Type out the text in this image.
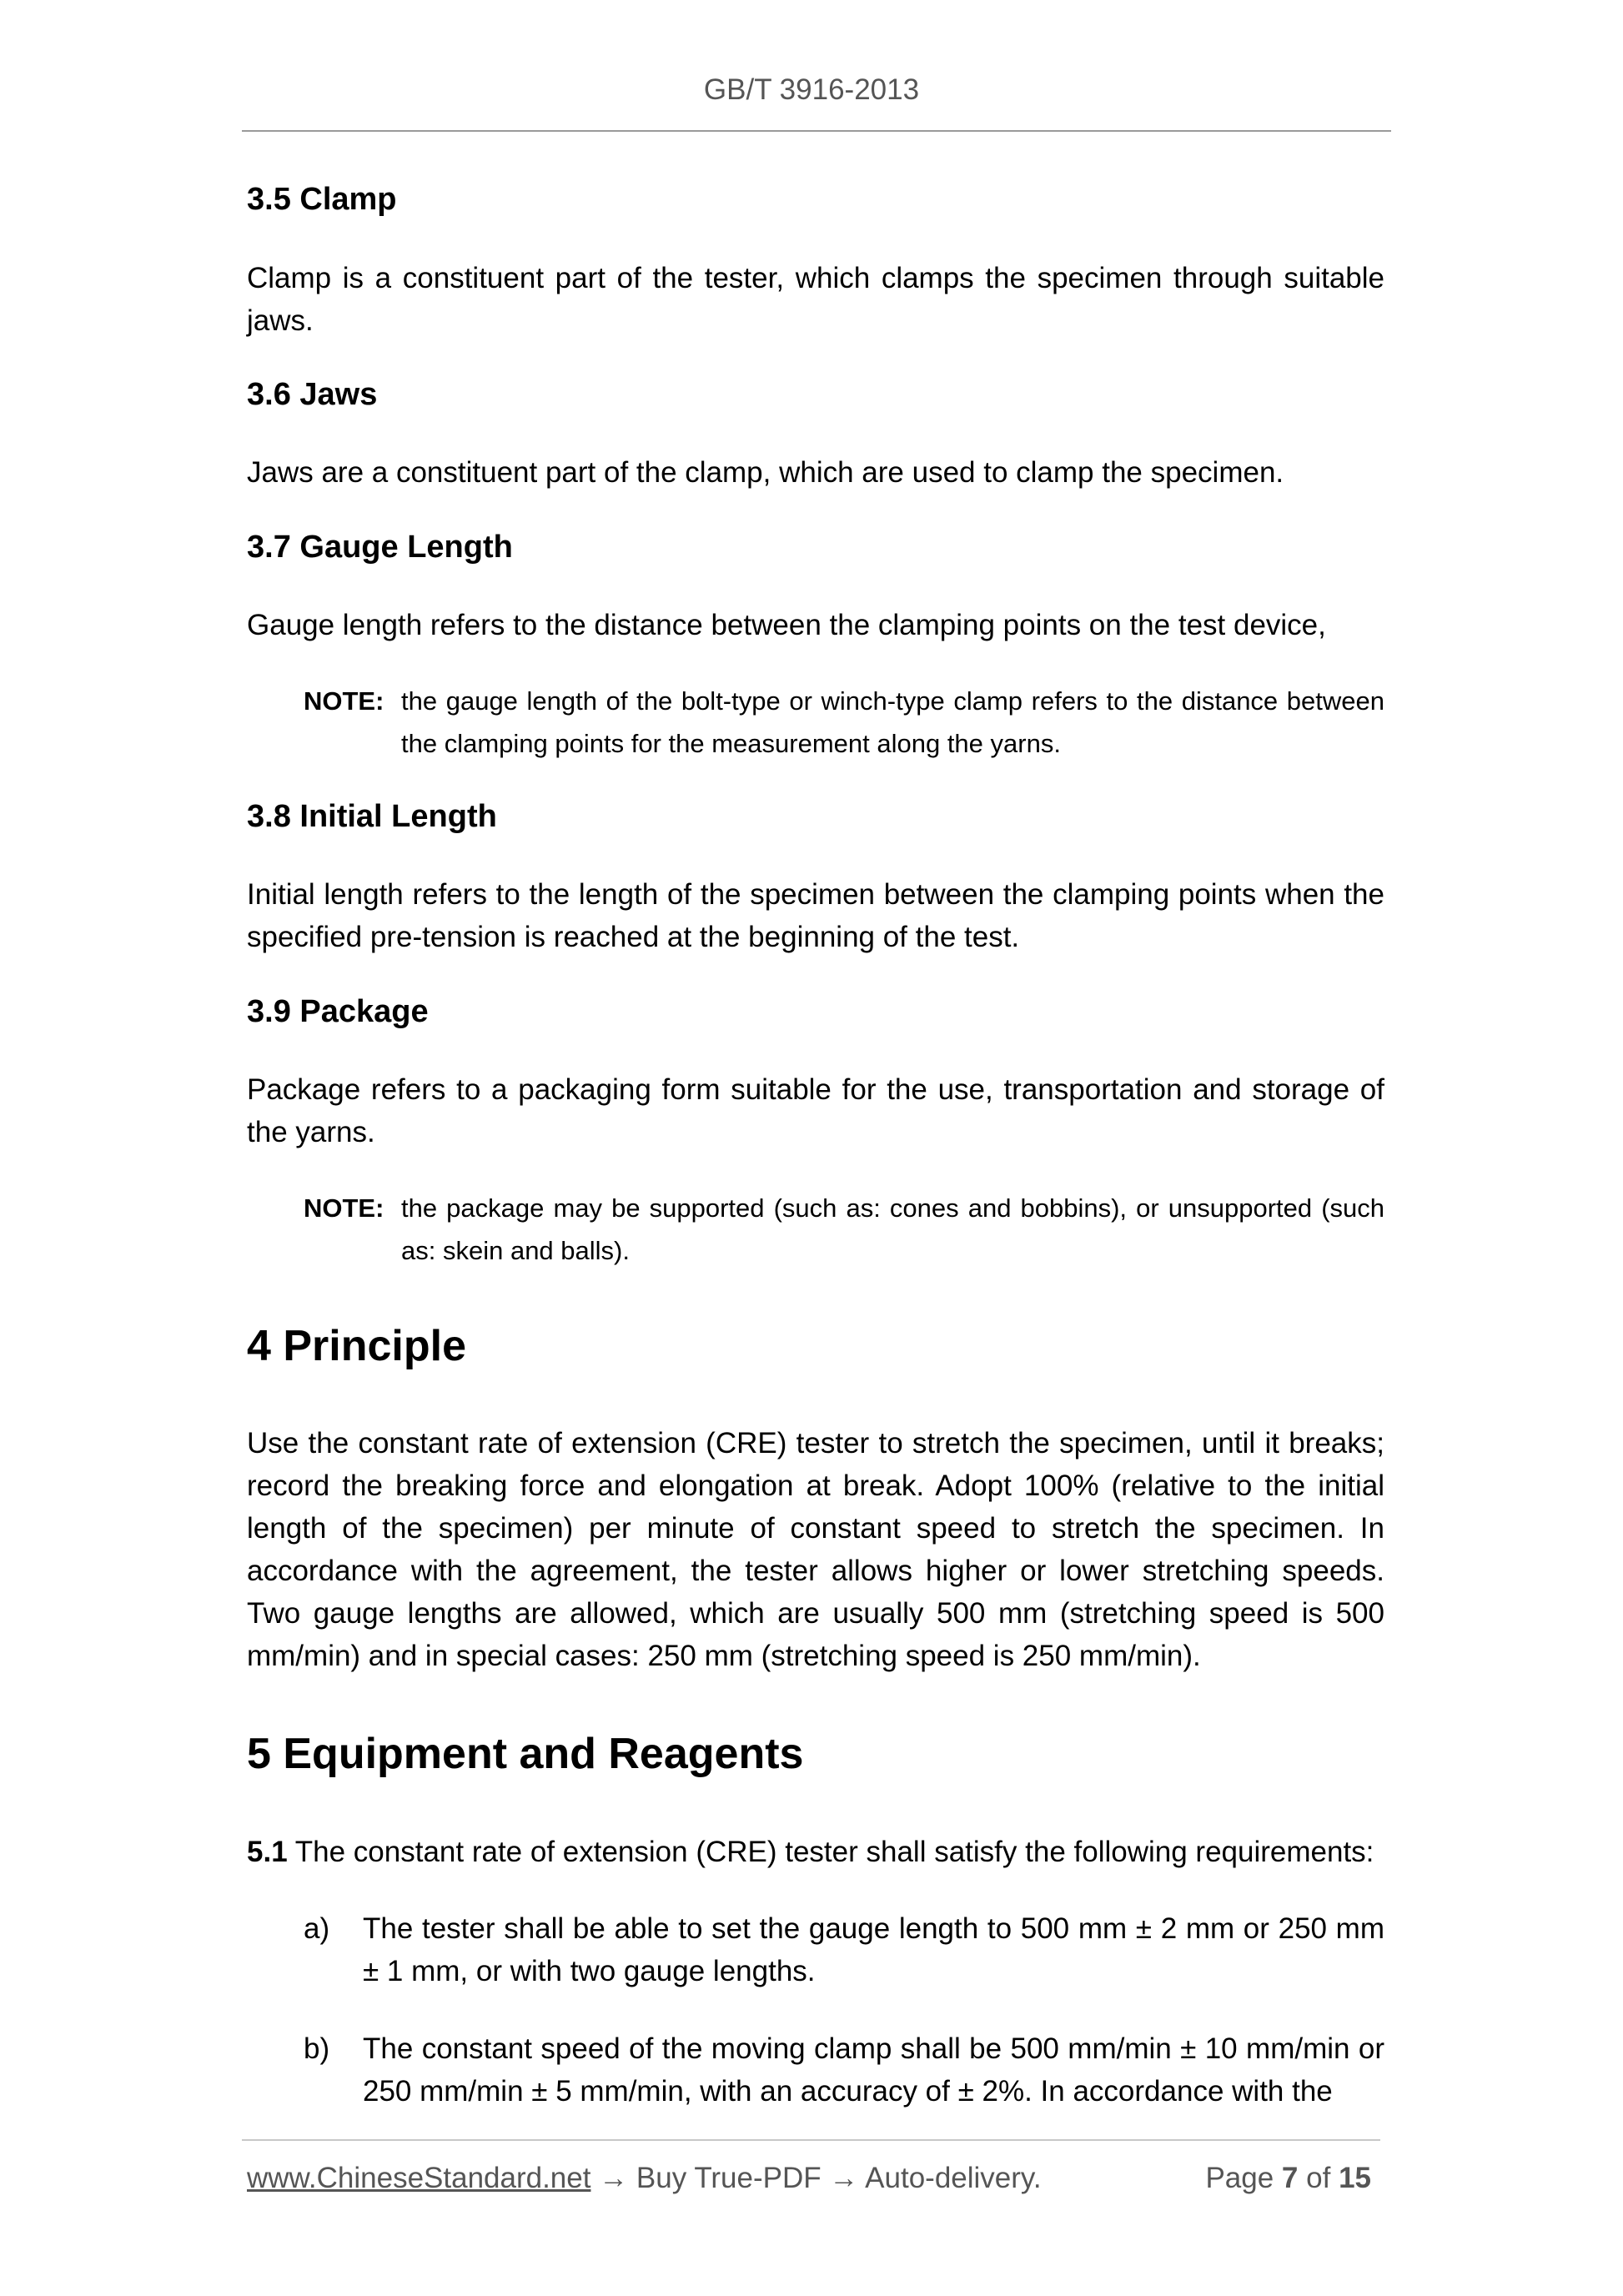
GB/T 3916-2013
3.5 Clamp
Clamp is a constituent part of the tester, which clamps the specimen through suitable jaws.
3.6 Jaws
Jaws are a constituent part of the clamp, which are used to clamp the specimen.
3.7 Gauge Length
Gauge length refers to the distance between the clamping points on the test device,
NOTE: the gauge length of the bolt-type or winch-type clamp refers to the distance between the clamping points for the measurement along the yarns.
3.8 Initial Length
Initial length refers to the length of the specimen between the clamping points when the specified pre-tension is reached at the beginning of the test.
3.9 Package
Package refers to a packaging form suitable for the use, transportation and storage of the yarns.
NOTE: the package may be supported (such as: cones and bobbins), or unsupported (such as: skein and balls).
4 Principle
Use the constant rate of extension (CRE) tester to stretch the specimen, until it breaks; record the breaking force and elongation at break. Adopt 100% (relative to the initial length of the specimen) per minute of constant speed to stretch the specimen. In accordance with the agreement, the tester allows higher or lower stretching speeds. Two gauge lengths are allowed, which are usually 500 mm (stretching speed is 500 mm/min) and in special cases: 250 mm (stretching speed is 250 mm/min).
5 Equipment and Reagents
5.1 The constant rate of extension (CRE) tester shall satisfy the following requirements:
a)	The tester shall be able to set the gauge length to 500 mm ± 2 mm or 250 mm ± 1 mm, or with two gauge lengths.
b)	The constant speed of the moving clamp shall be 500 mm/min ± 10 mm/min or 250 mm/min ± 5 mm/min, with an accuracy of ± 2%. In accordance with the
www.ChineseStandard.net → Buy True-PDF → Auto-delivery.	Page 7 of 15
